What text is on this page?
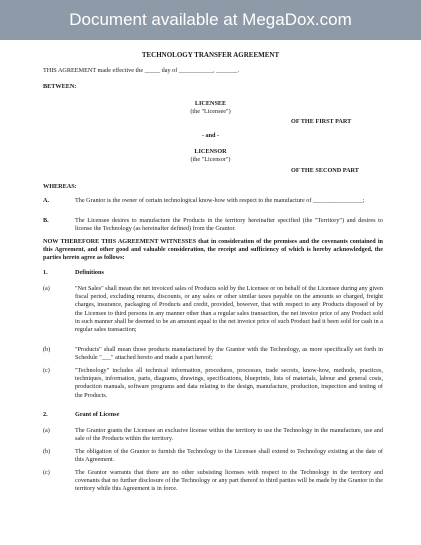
Document available at MegaDox.com
TECHNOLOGY TRANSFER AGREEMENT
THIS AGREEMENT made effective the _____ day of ___________, _______.
BETWEEN:
LICENSEE
(the "Licensee")
OF THE FIRST PART
- and -
LICENSOR
(the "Licensor")
OF THE SECOND PART
WHEREAS:
A.	The Grantor is the owner of certain technological know-how with respect to the manufacture of ________________;
B.	The Licensee desires to manufacture the Products in the territory hereinafter specified (the "Territory") and desires to license the Technology (as hereinafter defined) from the Grantor.
NOW THEREFORE THIS AGREEMENT WITNESSES that in consideration of the premises and the covenants contained in this Agreement, and other good and valuable consideration, the receipt and sufficiency of which is hereby acknowledged, the parties hereto agree as follows:
1.	Definitions
(a)	"Net Sales" shall mean the net invoiced sales of Products sold by the Licensee or on behalf of the Licensee during any given fiscal period, excluding returns, discounts, or any sales or other similar taxes payable on the amounts so charged, freight charges, insurance, packaging of Products and credit, provided, however, that with respect to any Products disposed of by the Licensee to third persons in any manner other than a regular sales transaction, the net invoice price of any Product sold in such manner shall be deemed to be an amount equal to the net invoice price of such Product had it been sold for cash in a regular sales transaction;
(b)	"Products" shall mean those products manufactured by the Grantor with the Technology, as more specifically set forth in Schedule "___" attached hereto and made a part hereof;
(c)	"Technology" includes all technical information, procedures, processes, trade secrets, know-how, methods, practices, techniques, information, parts, diagrams, drawings, specifications, blueprints, lists of materials, labour and general costs, production manuals, software programs and data relating to the design, manufacture, production, inspection and testing of the Products.
2.	Grant of License
(a)	The Grantor grants the Licensee an exclusive license within the territory to use the Technology in the manufacture, use and sale of the Products within the territory.
(b)	The obligation of the Grantor to furnish the Technology to the Licensee shall extend to Technology existing at the date of this Agreement.
(c)	The Grantor warrants that there are no other subsisting licenses with respect to the Technology in the territory and covenants that no further disclosure of the Technology or any part thereof to third parties will be made by the Grantor in the territory while this Agreement is in force.
